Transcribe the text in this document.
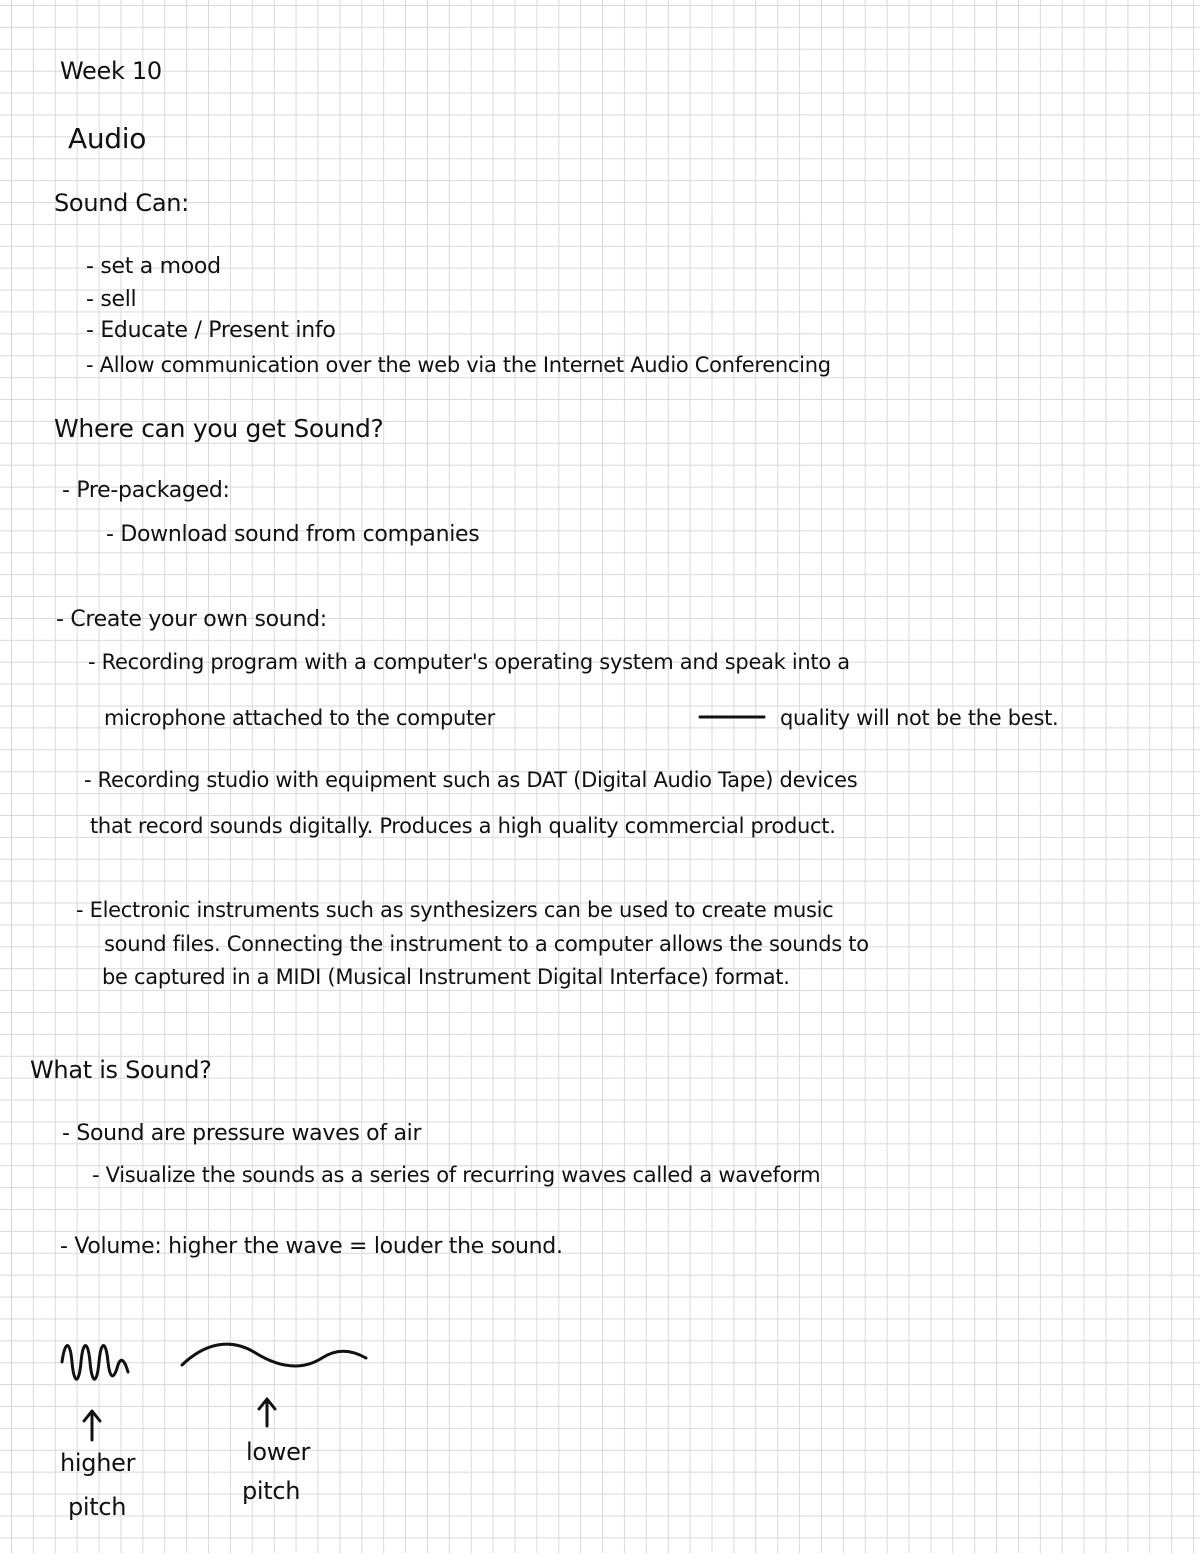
Week 10
Audio
Sound Can:
- set a mood
- sell
- Educate / Present info
- Allow communication over the web via the Internet Audio Conferencing
Where can you get Sound?
- Pre-packaged:
- Download sound from companies
- Create your own sound:
- Recording program with a computer's operating system and speak into a
microphone attached to the computer	quality will not be the best.
- Recording studio with equipment such as DAT (Digital Audio Tape) devices
that record sounds digitally. Produces a high quality commercial product.
- Electronic instruments such as synthesizers can be used to create music
sound files. Connecting the instrument to a computer allows the sounds to
be captured in a MIDI (Musical Instrument Digital Interface) format.
What is Sound?
- Sound are pressure waves of air
- Visualize the sounds as a series of recurring waves called a waveform
- Volume: higher the wave = louder the sound.
higher
pitch
lower
pitch
